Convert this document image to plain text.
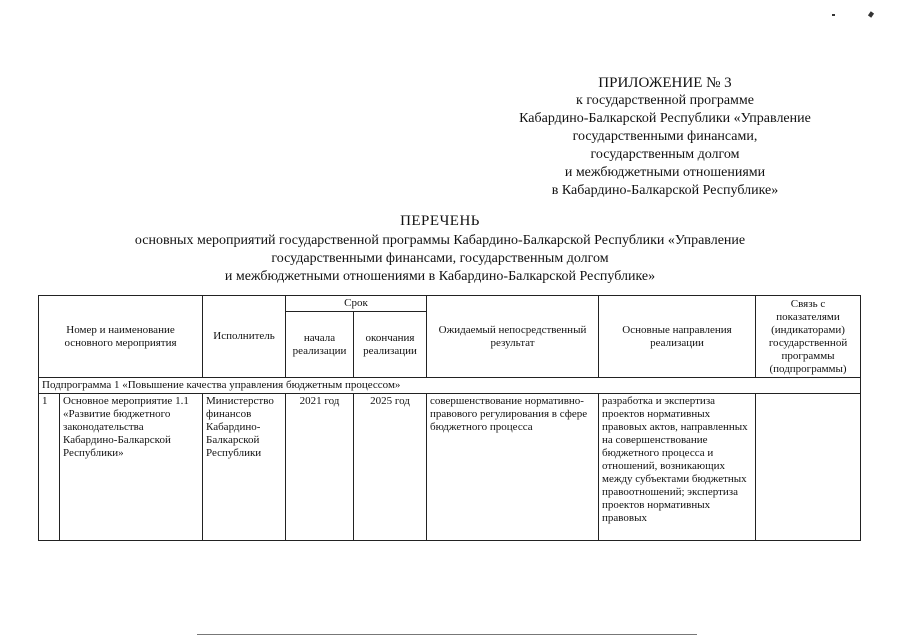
ПРИЛОЖЕНИЕ № 3
к государственной программе
Кабардино-Балкарской Республики «Управление
государственными финансами,
государственным долгом
и межбюджетными отношениями
в Кабардино-Балкарской Республике»
ПЕРЕЧЕНЬ
основных мероприятий государственной программы Кабардино-Балкарской Республики «Управление
государственными финансами, государственным долгом
и межбюджетными отношениями в Кабардино-Балкарской Республике»
Номер и наименование основного мероприятия		Исполнитель	Срок		Ожидаемый непосредственный результат	Основные направления реализации	Связь с показателями (индикаторами) государственной программы (подпрограммы)
			начала реализации	окончания реализации			
Подпрограмма 1 «Повышение качества управления бюджетным процессом»							
1	Основное мероприятие 1.1 «Развитие бюджетного законодательства Кабардино-Балкарской Республики»	Министерство финансов Кабардино-Балкарской Республики	2021 год	2025 год	совершенствование нормативно-правового регулирования в сфере бюджетного процесса	разработка и экспертиза проектов нормативных правовых актов, направленных на совершенствование бюджетного процесса и отношений, возникающих между субъектами бюджетных правоотношений; экспертиза проектов нормативных правовых	
